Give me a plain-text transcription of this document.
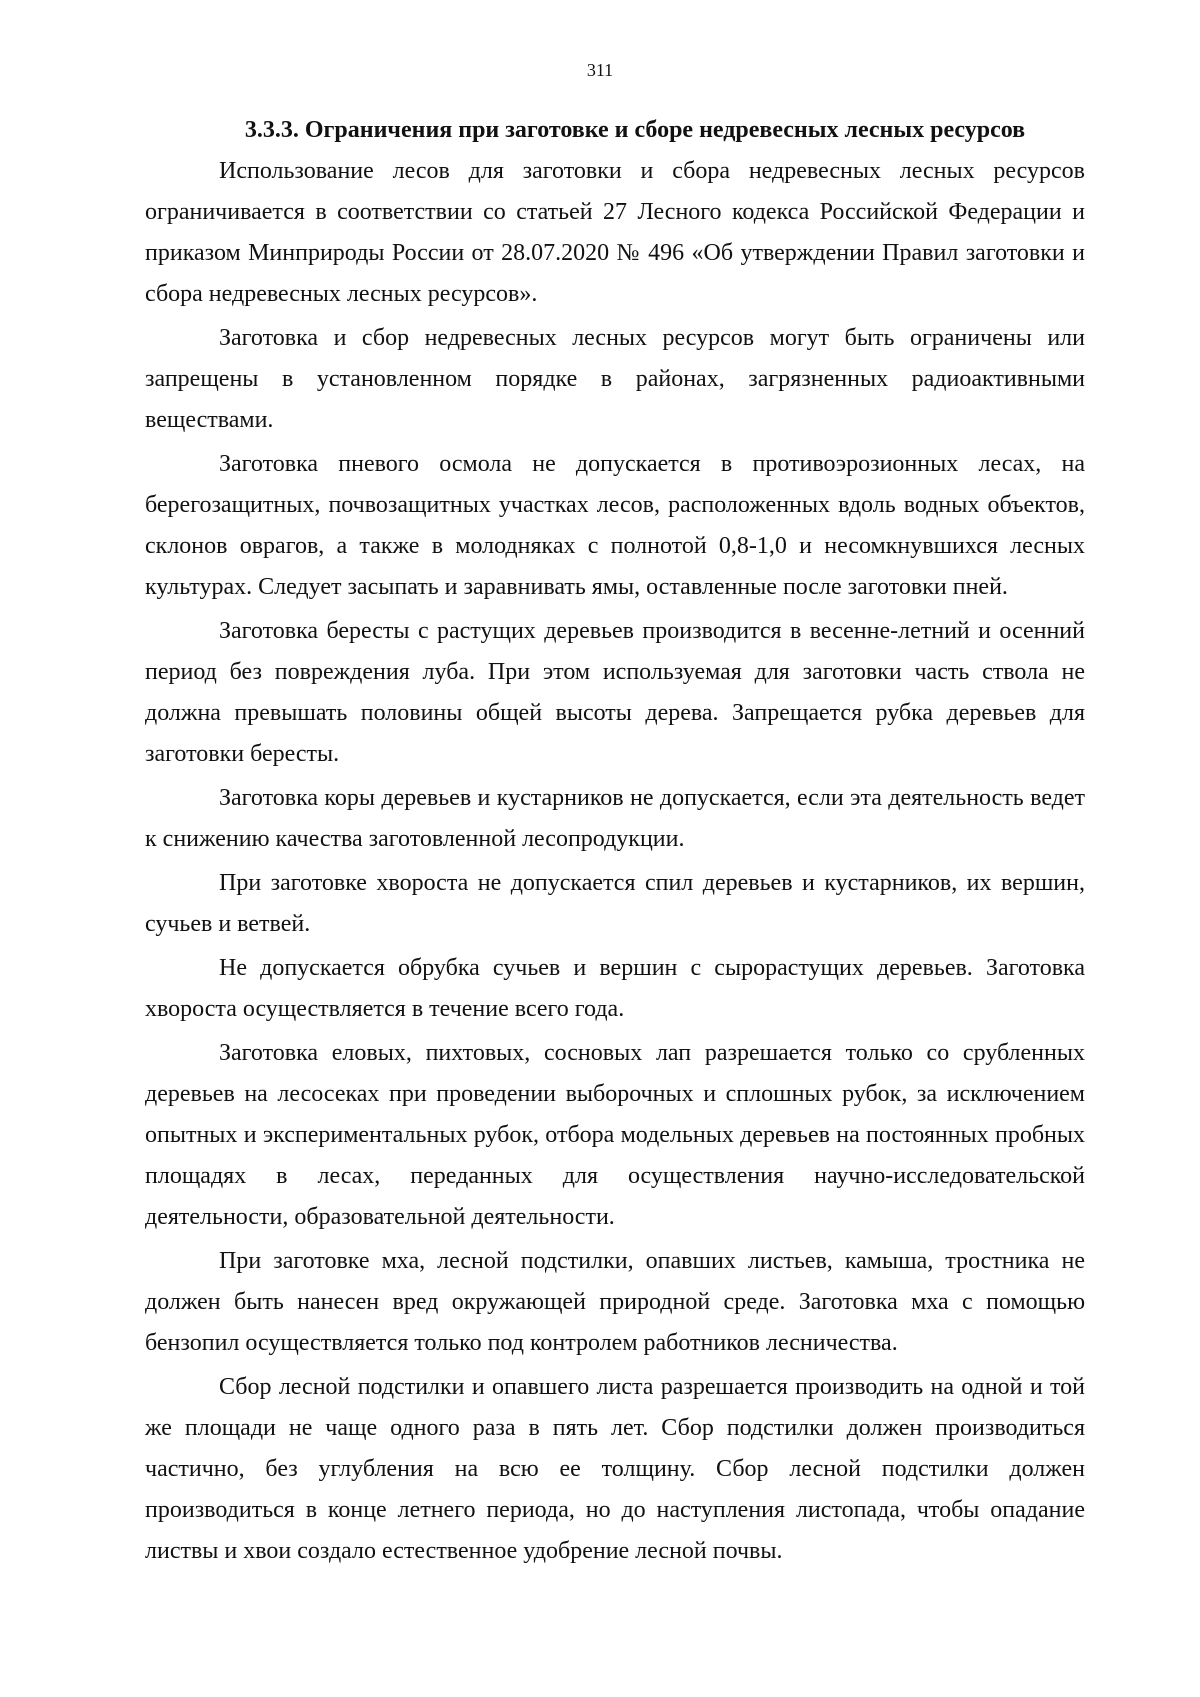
311
3.3.3. Ограничения при заготовке и сборе недревесных лесных ресурсов

Использование лесов для заготовки и сбора недревесных лесных ресурсов ограничивается в соответствии со статьей 27 Лесного кодекса Российской Федерации и приказом Минприроды России от 28.07.2020 № 496 «Об утверждении Правил заготовки и сбора недревесных лесных ресурсов».

Заготовка и сбор недревесных лесных ресурсов могут быть ограничены или запрещены в установленном порядке в районах, загрязненных радиоактивными веществами.

Заготовка пневого осмола не допускается в противоэрозионных лесах, на берегозащитных, почвозащитных участках лесов, расположенных вдоль водных объектов, склонов оврагов, а также в молодняках с полнотой 0,8-1,0 и несомкнувшихся лесных культурах. Следует засыпать и заравнивать ямы, оставленные после заготовки пней.

Заготовка бересты с растущих деревьев производится в весенне-летний и осенний период без повреждения луба. При этом используемая для заготовки часть ствола не должна превышать половины общей высоты дерева. Запрещается рубка деревьев для заготовки бересты.

Заготовка коры деревьев и кустарников не допускается, если эта деятельность ведет к снижению качества заготовленной лесопродукции.

При заготовке хвороста не допускается спил деревьев и кустарников, их вершин, сучьев и ветвей.

Не допускается обрубка сучьев и вершин с сырорастущих деревьев. Заготовка хвороста осуществляется в течение всего года.

Заготовка еловых, пихтовых, сосновых лап разрешается только со срубленных деревьев на лесосеках при проведении выборочных и сплошных рубок, за исключением опытных и экспериментальных рубок, отбора модельных деревьев на постоянных пробных площадях в лесах, переданных для осуществления научно-исследовательской деятельности, образовательной деятельности.

При заготовке мха, лесной подстилки, опавших листьев, камыша, тростника не должен быть нанесен вред окружающей природной среде. Заготовка мха с помощью бензопил осуществляется только под контролем работников лесничества.

Сбор лесной подстилки и опавшего листа разрешается производить на одной и той же площади не чаще одного раза в пять лет. Сбор подстилки должен производиться частично, без углубления на всю ее толщину. Сбор лесной подстилки должен производиться в конце летнего периода, но до наступления листопада, чтобы опадание листвы и хвои создало естественное удобрение лесной почвы.
